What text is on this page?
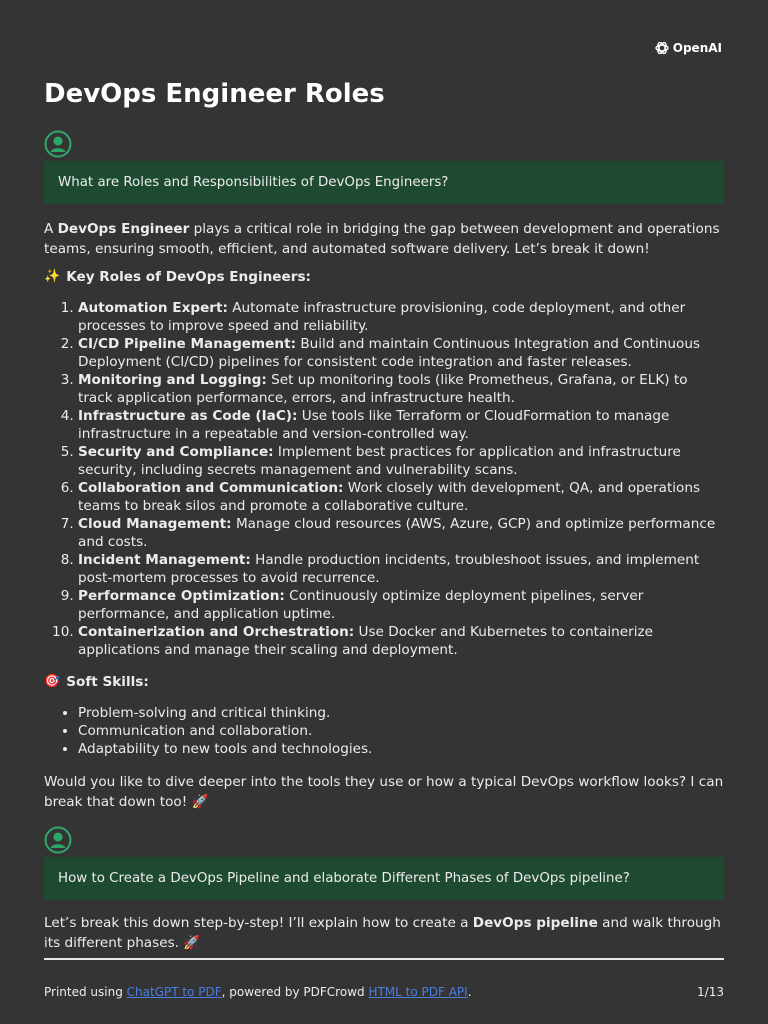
OpenAI
DevOps Engineer Roles
What are Roles and Responsibilities of DevOps Engineers?

A DevOps Engineer plays a critical role in bridging the gap between development and operations teams, ensuring smooth, efficient, and automated software delivery. Let’s break it down!

✨ Key Roles of DevOps Engineers:

1. Automation Expert: Automate infrastructure provisioning, code deployment, and other processes to improve speed and reliability.
2. CI/CD Pipeline Management: Build and maintain Continuous Integration and Continuous Deployment (CI/CD) pipelines for consistent code integration and faster releases.
3. Monitoring and Logging: Set up monitoring tools (like Prometheus, Grafana, or ELK) to track application performance, errors, and infrastructure health.
4. Infrastructure as Code (IaC): Use tools like Terraform or CloudFormation to manage infrastructure in a repeatable and version-controlled way.
5. Security and Compliance: Implement best practices for application and infrastructure security, including secrets management and vulnerability scans.
6. Collaboration and Communication: Work closely with development, QA, and operations teams to break silos and promote a collaborative culture.
7. Cloud Management: Manage cloud resources (AWS, Azure, GCP) and optimize performance and costs.
8. Incident Management: Handle production incidents, troubleshoot issues, and implement post-mortem processes to avoid recurrence.
9. Performance Optimization: Continuously optimize deployment pipelines, server performance, and application uptime.
10. Containerization and Orchestration: Use Docker and Kubernetes to containerize applications and manage their scaling and deployment.

🎯 Soft Skills:

• Problem-solving and critical thinking.
• Communication and collaboration.
• Adaptability to new tools and technologies.

Would you like to dive deeper into the tools they use or how a typical DevOps workflow looks? I can break that down too! 🚀

How to Create a DevOps Pipeline and elaborate Different Phases of DevOps pipeline?

Let’s break this down step-by-step! I’ll explain how to create a DevOps pipeline and walk through its different phases. 🚀

Printed using ChatGPT to PDF, powered by PDFCrowd HTML to PDF API.	1/13
